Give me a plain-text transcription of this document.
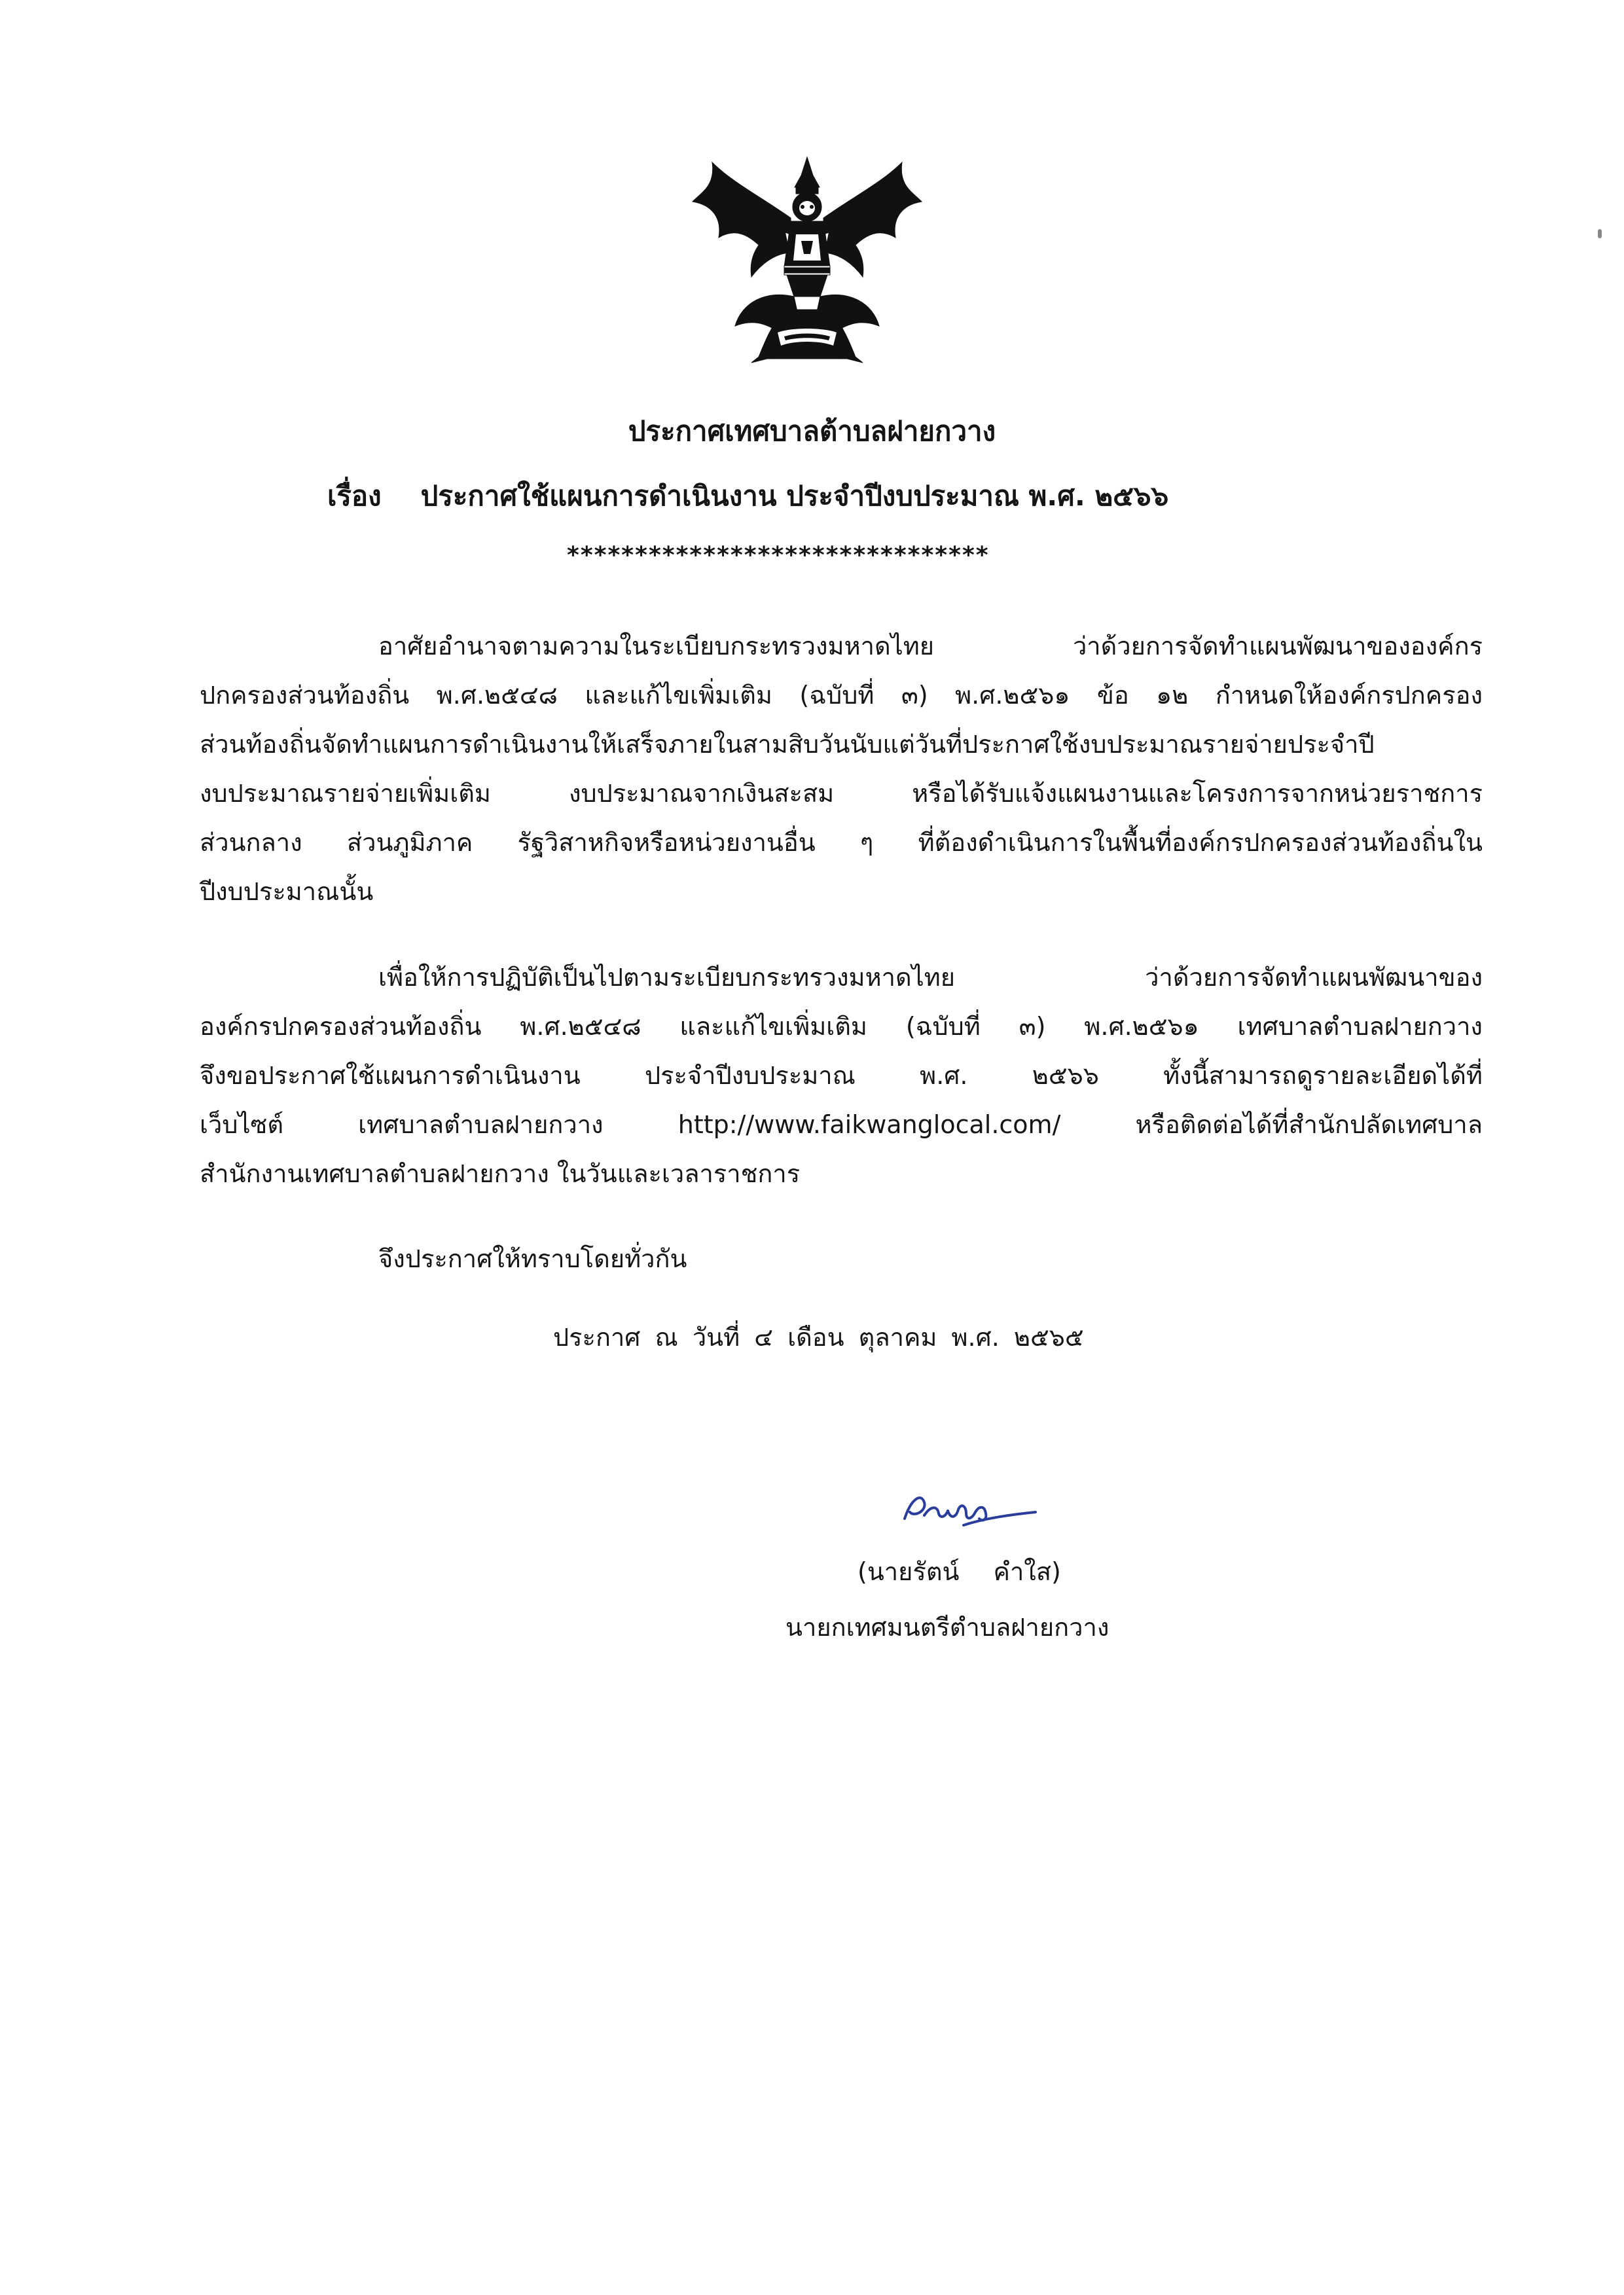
ประกาศเทศบาลต้าบลฝายกวาง
เรื่อง ประกาศใช้แผนการดำเนินงาน ประจำปีงบประมาณ พ.ศ. ๒๕๖๖
*******************************
อาศัยอำนาจตามความในระเบียบกระทรวงมหาดไทย ว่าด้วยการจัดทำแผนพัฒนาขององค์กร
ปกครองส่วนท้องถิ่น พ.ศ.๒๕๔๘ และแก้ไขเพิ่มเติม (ฉบับที่ ๓) พ.ศ.๒๕๖๑ ข้อ ๑๒ กำหนดให้องค์กรปกครอง
ส่วนท้องถิ่นจัดทำแผนการดำเนินงานให้เสร็จภายในสามสิบวันนับแต่วันที่ประกาศใช้งบประมาณรายจ่ายประจำปี
งบประมาณรายจ่ายเพิ่มเติม งบประมาณจากเงินสะสม หรือได้รับแจ้งแผนงานและโครงการจากหน่วยราชการ
ส่วนกลาง ส่วนภูมิภาค รัฐวิสาหกิจหรือหน่วยงานอื่น ๆ ที่ต้องดำเนินการในพื้นที่องค์กรปกครองส่วนท้องถิ่นใน
ปีงบประมาณนั้น
เพื่อให้การปฏิบัติเป็นไปตามระเบียบกระทรวงมหาดไทย ว่าด้วยการจัดทำแผนพัฒนาของ
องค์กรปกครองส่วนท้องถิ่น พ.ศ.๒๕๔๘ และแก้ไขเพิ่มเติม (ฉบับที่ ๓) พ.ศ.๒๕๖๑ เทศบาลตำบลฝายกวาง
จึงขอประกาศใช้แผนการดำเนินงาน ประจำปีงบประมาณ พ.ศ. ๒๕๖๖ ทั้งนี้สามารถดูรายละเอียดได้ที่
เว็บไซต์ เทศบาลตำบลฝายกวาง http://www.faikwanglocal.com/ หรือติดต่อได้ที่สำนักปลัดเทศบาล
สำนักงานเทศบาลตำบลฝายกวาง ในวันและเวลาราชการ
จึงประกาศให้ทราบโดยทั่วกัน
ประกาศ ณ วันที่ ๔ เดือน ตุลาคม พ.ศ. ๒๕๖๕
(นายรัตน์ คำใส)
นายกเทศมนตรีตำบลฝายกวาง
